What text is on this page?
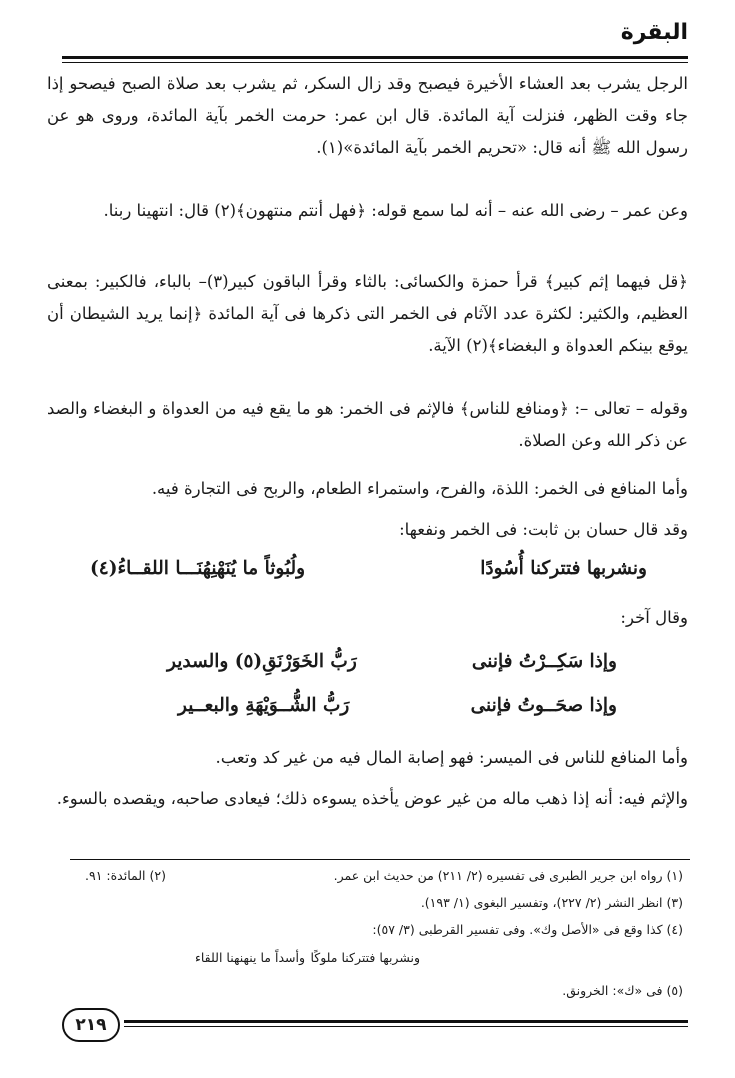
البقرة

الرجل يشرب بعد العشاء الأخيرة فيصبح وقد زال السكر، ثم يشرب بعد صلاة الصبح فيصحو إذا جاء وقت الظهر، فنزلت آية المائدة. قال ابن عمر: حرمت الخمر بآية المائدة، وروى هو عن رسول الله ﷺ أنه قال: «تحريم الخمر بآية المائدة»(١).

وعن عمر – رضى الله عنه – أنه لما سمع قوله: ﴿فهل أنتم منتهون﴾(٢) قال: انتهينا ربنا.

﴿قل فيهما إثم كبير﴾ قرأ حمزة والكسائى: بالثاء وقرأ الباقون كبير(٣)– بالباء، فالكبير: بمعنى العظيم، والكثير: لكثرة عدد الآثام فى الخمر التى ذكرها فى آية المائدة ﴿إنما يريد الشيطان أن يوقع بينكم العدواة و البغضاء﴾(٢) الآية.

وقوله – تعالى –: ﴿ومنافع للناس﴾ فالإثم فى الخمر: هو ما يقع فيه من العدواة و البغضاء والصد عن ذكر الله وعن الصلاة.

وأما المنافع فى الخمر: اللذة، والفرح، واستمراء الطعام، والربح فى التجارة فيه.

وقد قال حسان بن ثابت: فى الخمر ونفعها:

ونشربها فتتركنا أُسُودًا
ولُبُوثاً ما يُنَهْنِهُنَـــا اللقــاءُ(٤)

وقال آخر:

وإذا سَكِــرْتُ فإننى
رَبُّ الخَوَرْنَقِ(٥) والسدير
وإذا صحَــوتُ فإننى
رَبُّ الشُّــوَيْهَةِ والبعــير

وأما المنافع للناس فى الميسر: فهو إصابة المال فيه من غير كد وتعب.

والإثم فيه: أنه إذا ذهب ماله من غير عوض يأخذه يسوءه ذلك؛ فيعادى صاحبه، ويقصده بالسوء.

(١) رواه ابن جرير الطبرى فى تفسيره (٢/ ٢١١) من حديث ابن عمر.
(٢) المائدة: ٩١.
(٣) انظر النشر (٢/ ٢٢٧)، وتفسير البغوى (١/ ١٩٣).
(٤) كذا وقع فى «الأصل وك». وفى تفسير القرطبى (٣/ ٥٧):
ونشربها فتتركنا ملوكًا
وأسداً ما ينهنهنا اللقاء
(٥) فى «ك»: الخرونق.
٢١٩
